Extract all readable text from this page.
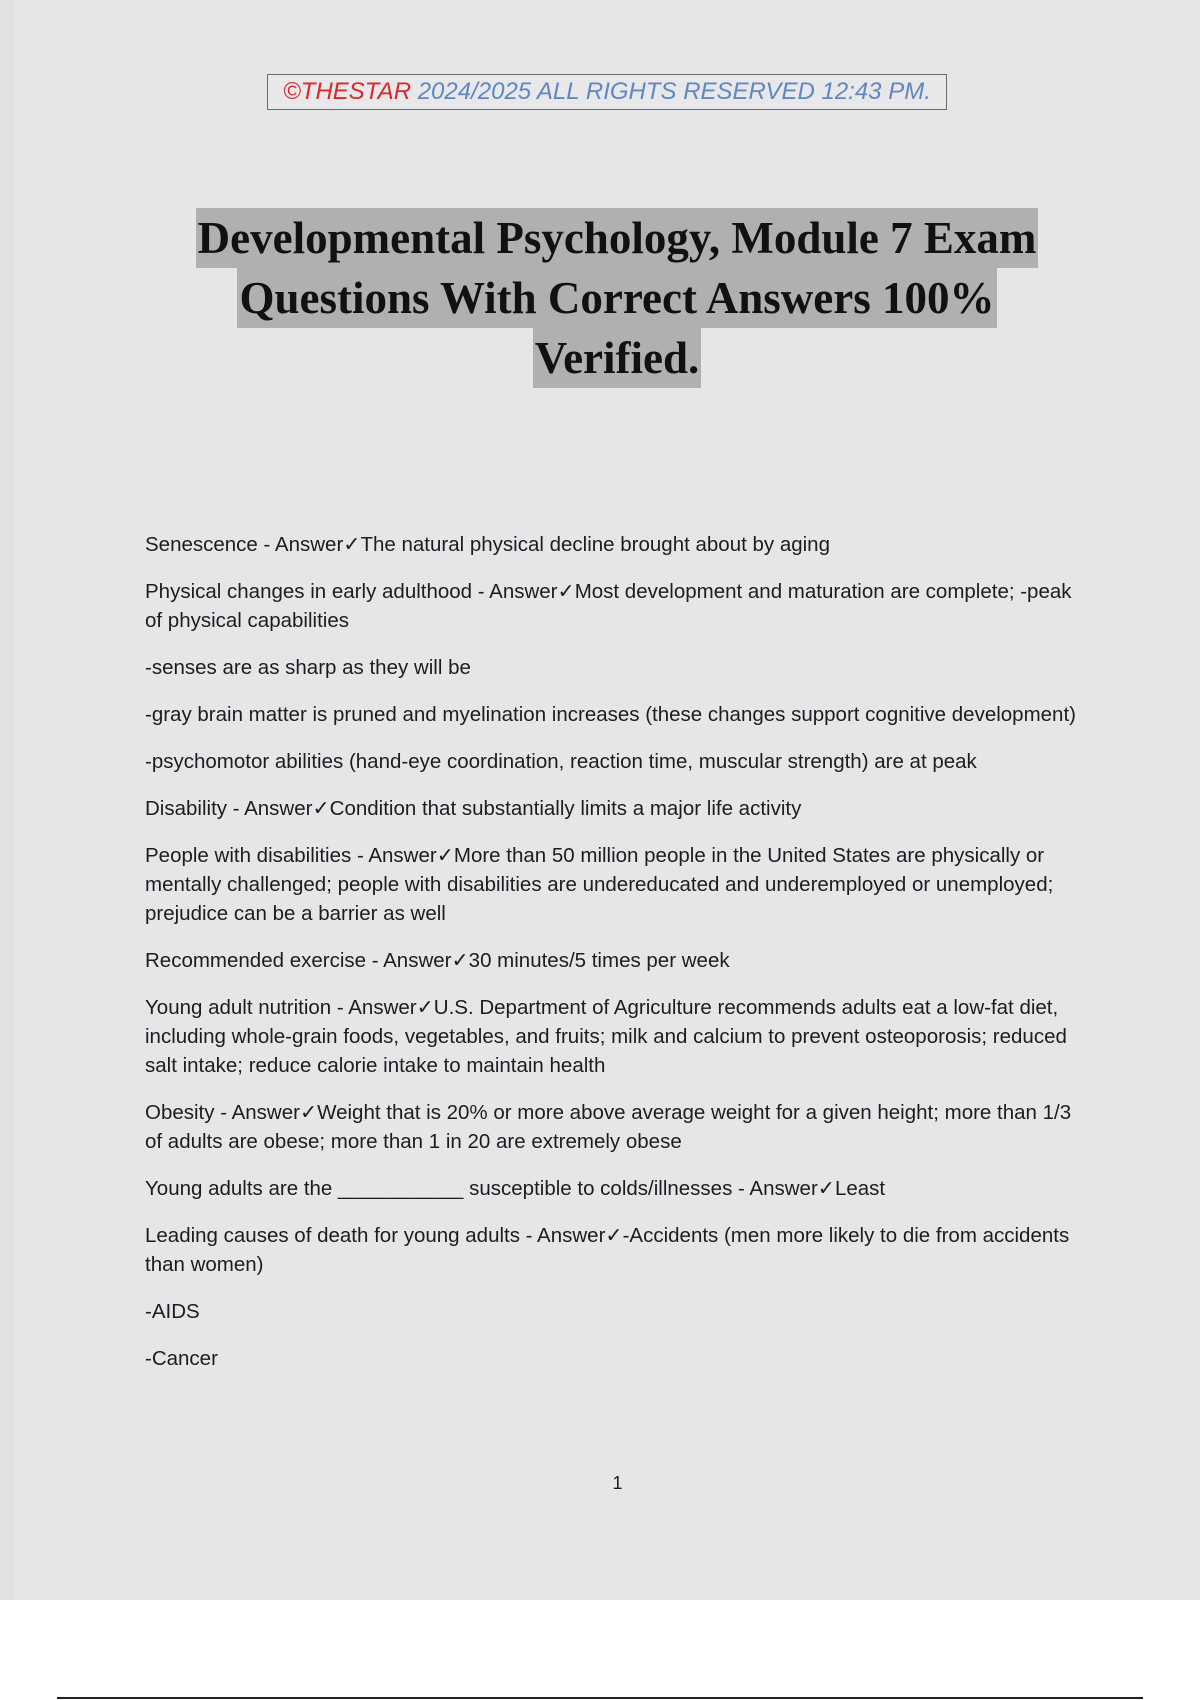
©THESTAR 2024/2025 ALL RIGHTS RESERVED 12:43 PM.
Developmental Psychology, Module 7 Exam
Questions With Correct Answers 100%
Verified.

Senescence - Answer✓The natural physical decline brought about by aging

Physical changes in early adulthood - Answer✓Most development and maturation are complete; -peak of physical capabilities

-senses are as sharp as they will be

-gray brain matter is pruned and myelination increases (these changes support cognitive development)

-psychomotor abilities (hand-eye coordination, reaction time, muscular strength) are at peak

Disability - Answer✓Condition that substantially limits a major life activity

People with disabilities - Answer✓More than 50 million people in the United States are physically or mentally challenged; people with disabilities are undereducated and underemployed or unemployed; prejudice can be a barrier as well

Recommended exercise - Answer✓30 minutes/5 times per week

Young adult nutrition - Answer✓U.S. Department of Agriculture recommends adults eat a low-fat diet, including whole-grain foods, vegetables, and fruits; milk and calcium to prevent osteoporosis; reduced salt intake; reduce calorie intake to maintain health

Obesity - Answer✓Weight that is 20% or more above average weight for a given height; more than 1/3 of adults are obese; more than 1 in 20 are extremely obese

Young adults are the ___________ susceptible to colds/illnesses - Answer✓Least

Leading causes of death for young adults - Answer✓-Accidents (men more likely to die from accidents than women)

-AIDS

-Cancer

1
